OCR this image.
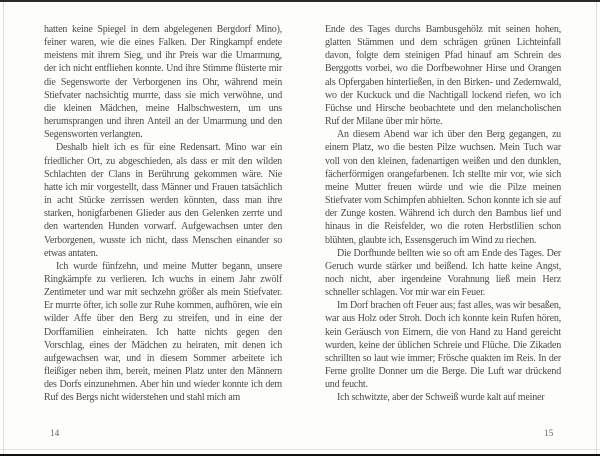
hatten keine Spiegel in dem abgelegenen Bergdorf Mino), feiner waren, wie die eines Falken. Der Ringkampf endete meistens mit ihrem Sieg, und ihr Preis war die Umarmung, der ich nicht entfliehen konnte. Und ihre Stimme flüsterte mir die Segensworte der Verborgenen ins Ohr, während mein Stiefvater nachsichtig murrte, dass sie mich verwöhne, und die kleinen Mädchen, meine Halbschwestern, um uns herumsprangen und ihren Anteil an der Umarmung und den Segensworten verlangten.

Deshalb hielt ich es für eine Redensart. Mino war ein friedlicher Ort, zu abgeschieden, als dass er mit den wilden Schlachten der Clans in Berührung gekommen wäre. Nie hatte ich mir vorgestellt, dass Männer und Frauen tatsächlich in acht Stücke zerrissen werden könnten, dass man ihre starken, honigfarbenen Glieder aus den Gelenken zerrte und den wartenden Hunden vorwarf. Aufgewachsen unter den Verborgenen, wusste ich nicht, dass Menschen einander so etwas antaten.

Ich wurde fünfzehn, und meine Mutter begann, unsere Ringkämpfe zu verlieren. Ich wuchs in einem Jahr zwölf Zentimeter und war mit sechzehn größer als mein Stiefvater. Er murrte öfter, ich solle zur Ruhe kommen, aufhören, wie ein wilder Affe über den Berg zu streifen, und in eine der Dorffamilien einheiraten. Ich hatte nichts gegen den Vorschlag, eines der Mädchen zu heiraten, mit denen ich aufgewachsen war, und in diesem Sommer arbeitete ich fleißiger neben ihm, bereit, meinen Platz unter den Männern des Dorfs einzunehmen. Aber hin und wieder konnte ich dem Ruf des Bergs nicht widerstehen und stahl mich am

Ende des Tages durchs Bambusgehölz mit seinen hohen, glatten Stämmen und dem schrägen grünen Lichteinfall davon, folgte dem steinigen Pfad hinauf am Schrein des Berggotts vorbei, wo die Dorfbewohner Hirse und Orangen als Opfergaben hinterließen, in den Birken- und Zedernwald, wo der Kuckuck und die Nachtigall lockend riefen, wo ich Füchse und Hirsche beobachtete und den melancholischen Ruf der Milane über mir hörte.

An diesem Abend war ich über den Berg gegangen, zu einem Platz, wo die besten Pilze wuchsen. Mein Tuch war voll von den kleinen, fadenartigen weißen und den dunklen, fächerförmigen orangefarbenen. Ich stellte mir vor, wie sich meine Mutter freuen würde und wie die Pilze meinen Stiefvater vom Schimpfen abhielten. Schon konnte ich sie auf der Zunge kosten. Während ich durch den Bambus lief und hinaus in die Reisfelder, wo die roten Herbstlilien schon blühten, glaubte ich, Essensgeruch im Wind zu riechen.

Die Dorfhunde bellten wie so oft am Ende des Tages. Der Geruch wurde stärker und beißend. Ich hatte keine Angst, noch nicht, aber irgendeine Vorahnung ließ mein Herz schneller schlagen. Vor mir war ein Feuer.

Im Dorf brachen oft Feuer aus; fast alles, was wir besaßen, war aus Holz oder Stroh. Doch ich konnte kein Rufen hören, kein Geräusch von Eimern, die von Hand zu Hand gereicht wurden, keine der üblichen Schreie und Flüche. Die Zikaden schrillten so laut wie immer; Frösche quakten im Reis. In der Ferne grollte Donner um die Berge. Die Luft war drückend und feucht.

Ich schwitzte, aber der Schweiß wurde kalt auf meiner

14	15
